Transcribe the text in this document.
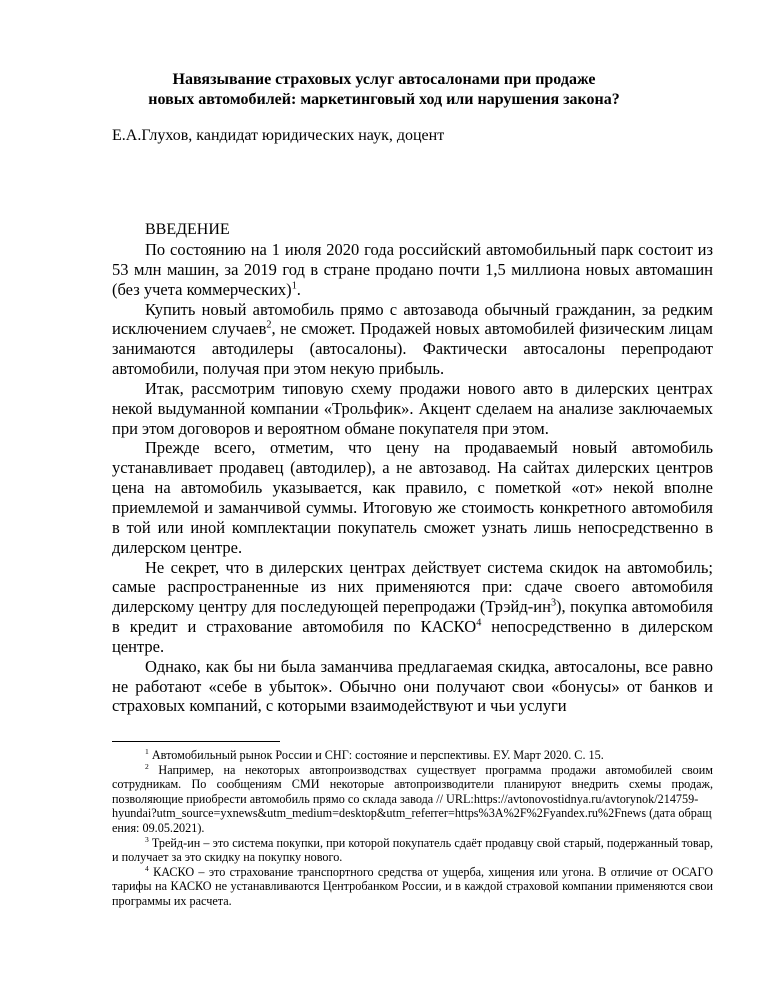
Навязывание страховых услуг автосалонами при продаже
новых автомобилей: маркетинговый ход или нарушения закона?
Е.А.Глухов, кандидат юридических наук, доцент
ВВЕДЕНИЕ

По состоянию на 1 июля 2020 года российский автомобильный парк состоит из 53 млн машин, за 2019 год в стране продано почти 1,5 миллиона новых автомашин (без учета коммерческих)$^1$.

Купить новый автомобиль прямо с автозавода обычный гражданин, за редким исключением случаев$^2$, не сможет. Продажей новых автомобилей физическим лицам занимаются автодилеры (автосалоны). Фактически автосалоны перепродают автомобили, получая при этом некую прибыль.

Итак, рассмотрим типовую схему продажи нового авто в дилерских центрах некой выдуманной компании «Трольфик». Акцент сделаем на анализе заключаемых при этом договоров и вероятном обмане покупателя при этом.

Прежде всего, отметим, что цену на продаваемый новый автомобиль устанавливает продавец (автодилер), а не автозавод. На сайтах дилерских центров цена на автомобиль указывается, как правило, с пометкой «от» некой вполне приемлемой и заманчивой суммы. Итоговую же стоимость конкретного автомобиля в той или иной комплектации покупатель сможет узнать лишь непосредственно в дилерском центре.

Не секрет, что в дилерских центрах действует система скидок на автомобиль; самые распространенные из них применяются при: сдаче своего автомобиля дилерскому центру для последующей перепродажи $(Трэйд-ин^3)$, покупка автомобиля в кредит и страхование автомобиля по КАСКО$^4$ непосредственно в дилерском центре.

Однако, как бы ни была заманчива предлагаемая скидка, автосалоны, все равно не работают «себе в убыток». Обычно они получают свои «бонусы» от банков и страховых компаний, с которыми взаимодействуют и чьи услуги

$^1$ Автомобильный рынок России и СНГ: состояние и перспективы. ЕУ. Март 2020. С. 15.

$^2$ Например, на некоторых автопроизводствах существует программа продажи автомобилей своим сотрудникам. По сообщениям СМИ некоторые автопроизводители планируют внедрить схемы продаж, позволяющие приобрести автомобиль прямо со склада завода // URL:https://avtonovostidnya.ru/avtorynok/214759-

hyundai?utm_source=yxnews&utm_medium=desktop&utm_referrer=https%3A%2F%2Fyandex.ru%2Fnews (дата обращения: 09.05.2021).

$^3$ Трейд-ин – это система покупки, при которой покупатель сдаёт продавцу свой старый, подержанный товар, и получает за это скидку на покупку нового.

$^4$ КАСКО – это страхование транспортного средства от ущерба, хищения или угона. В отличие от ОСАГО тарифы на КАСКО не устанавливаются Центробанком России, и в каждой страховой компании применяются свои программы их расчета.
